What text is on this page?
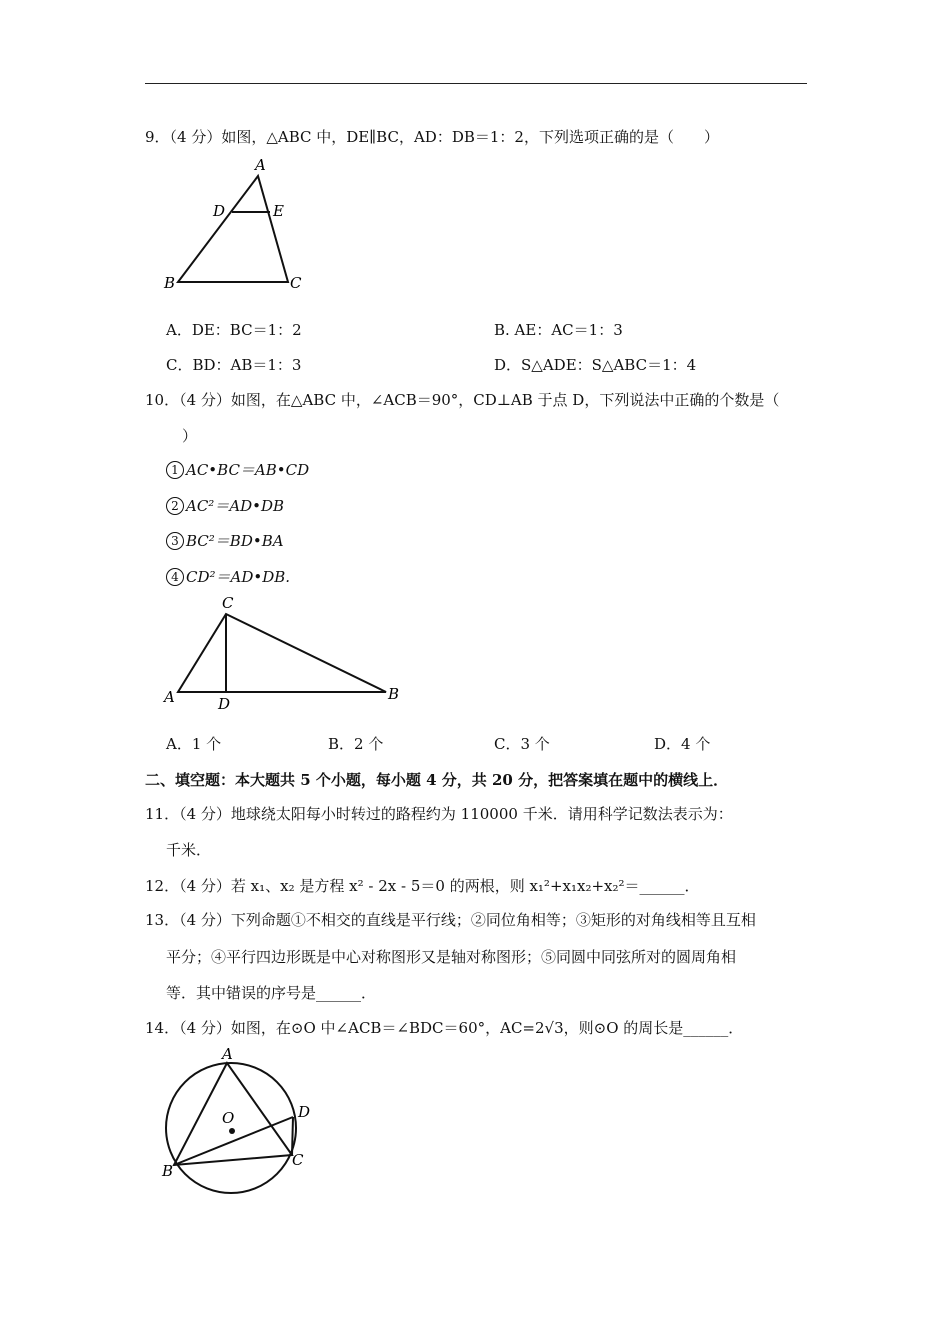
9．（4 分）如图，△ABC 中，DE∥BC，AD：DB＝1：2，下列选项正确的是（　　）
A
D	E
B	C
A．DE：BC＝1：2	B. AE：AC＝1：3
C．BD：AB＝1：3	D．S△ADE：S△ABC＝1：4
10．（4 分）如图，在△ABC 中，∠ACB＝90°，CD⊥AB 于点 D，下列说法中正确的个数是（
）
1 AC•BC＝AB•CD
2 AC²＝AD•DB
3 BC²＝BD•BA
4 CD²＝AD•DB.
C
A	D
B
A．1 个	B．2 个	C．3 个	D．4 个
二、填空题：本大题共 5 个小题，每小题 4 分，共 20 分，把答案填在题中的横线上．
11．（4 分）地球绕太阳每小时转过的路程约为 110000 千米．请用科学记数法表示为：
千米．
12．（4 分）若 x₁、x₂ 是方程 x² - 2x - 5＝0 的两根，则 x₁²+x₁x₂+x₂²＝______．
13．（4 分）下列命题①不相交的直线是平行线；②同位角相等；③矩形的对角线相等且互相
平分；④平行四边形既是中心对称图形又是轴对称图形；⑤同圆中同弦所对的圆周角相
等．其中错误的序号是______．
14．（4 分）如图，在⊙O 中∠ACB＝∠BDC＝60°，AC=2√3，则⊙O 的周长是______．
A
O	D
B
C
